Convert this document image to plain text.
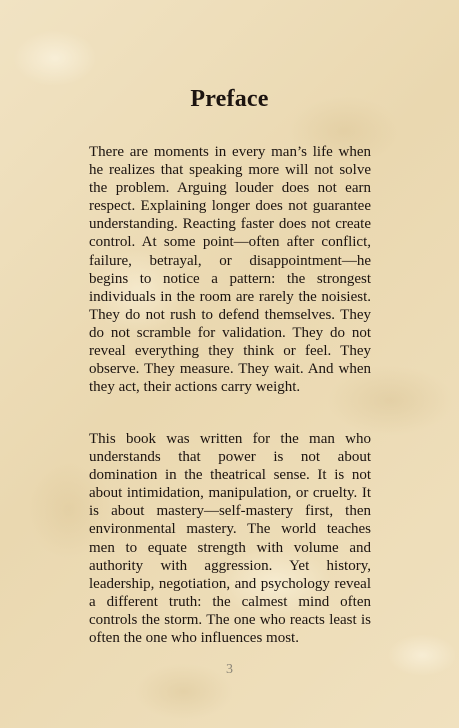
Preface

There are moments in every man’s life when he realizes that speaking more will not solve the problem. Arguing louder does not earn respect. Explaining longer does not guarantee understanding. Reacting faster does not create control. At some point—often after conflict, failure, betrayal, or disappointment—he begins to notice a pattern: the strongest individuals in the room are rarely the noisiest. They do not rush to defend themselves. They do not scramble for validation. They do not reveal everything they think or feel. They observe. They measure. They wait. And when they act, their actions carry weight.

This book was written for the man who understands that power is not about domination in the theatrical sense. It is not about intimidation, manipulation, or cruelty. It is about mastery—self-mastery first, then environmental mastery. The world teaches men to equate strength with volume and authority with aggression. Yet history, leadership, negotiation, and psychology reveal a different truth: the calmest mind often controls the storm. The one who reacts least is often the one who influences most.

3
